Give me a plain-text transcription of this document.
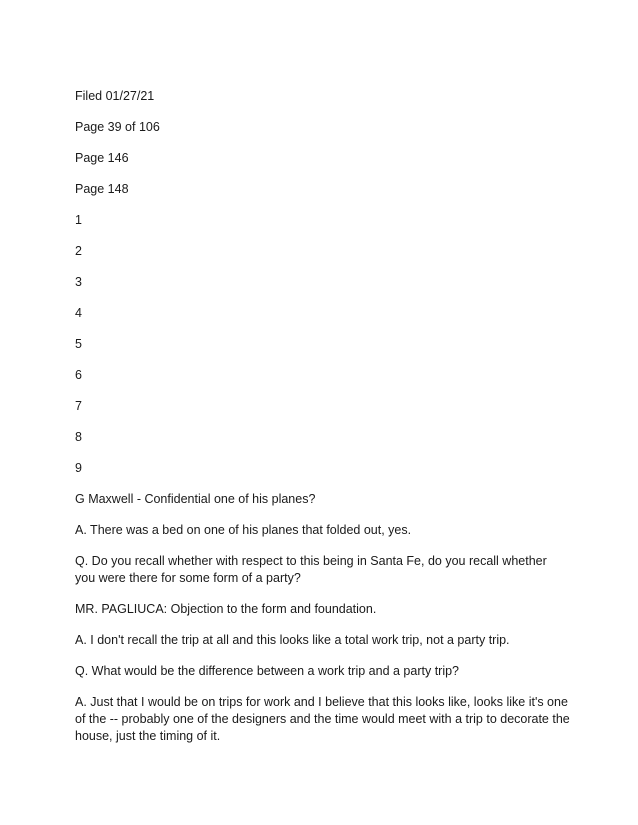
Filed 01/27/21

Page 39 of 106

Page 146

Page 148

1

2

3

4

5

6

7

8

9

G Maxwell - Confidential one of his planes?

A. There was a bed on one of his planes that folded out, yes.

Q. Do you recall whether with respect to this being in Santa Fe, do you recall whether you were there for some form of a party?

MR. PAGLIUCA: Objection to the form and foundation.

A. I don't recall the trip at all and this looks like a total work trip, not a party trip.

Q. What would be the difference between a work trip and a party trip?

A. Just that I would be on trips for work and I believe that this looks like, looks like it's one of the -- probably one of the designers and the time would meet with a trip to decorate the house, just the timing of it.
